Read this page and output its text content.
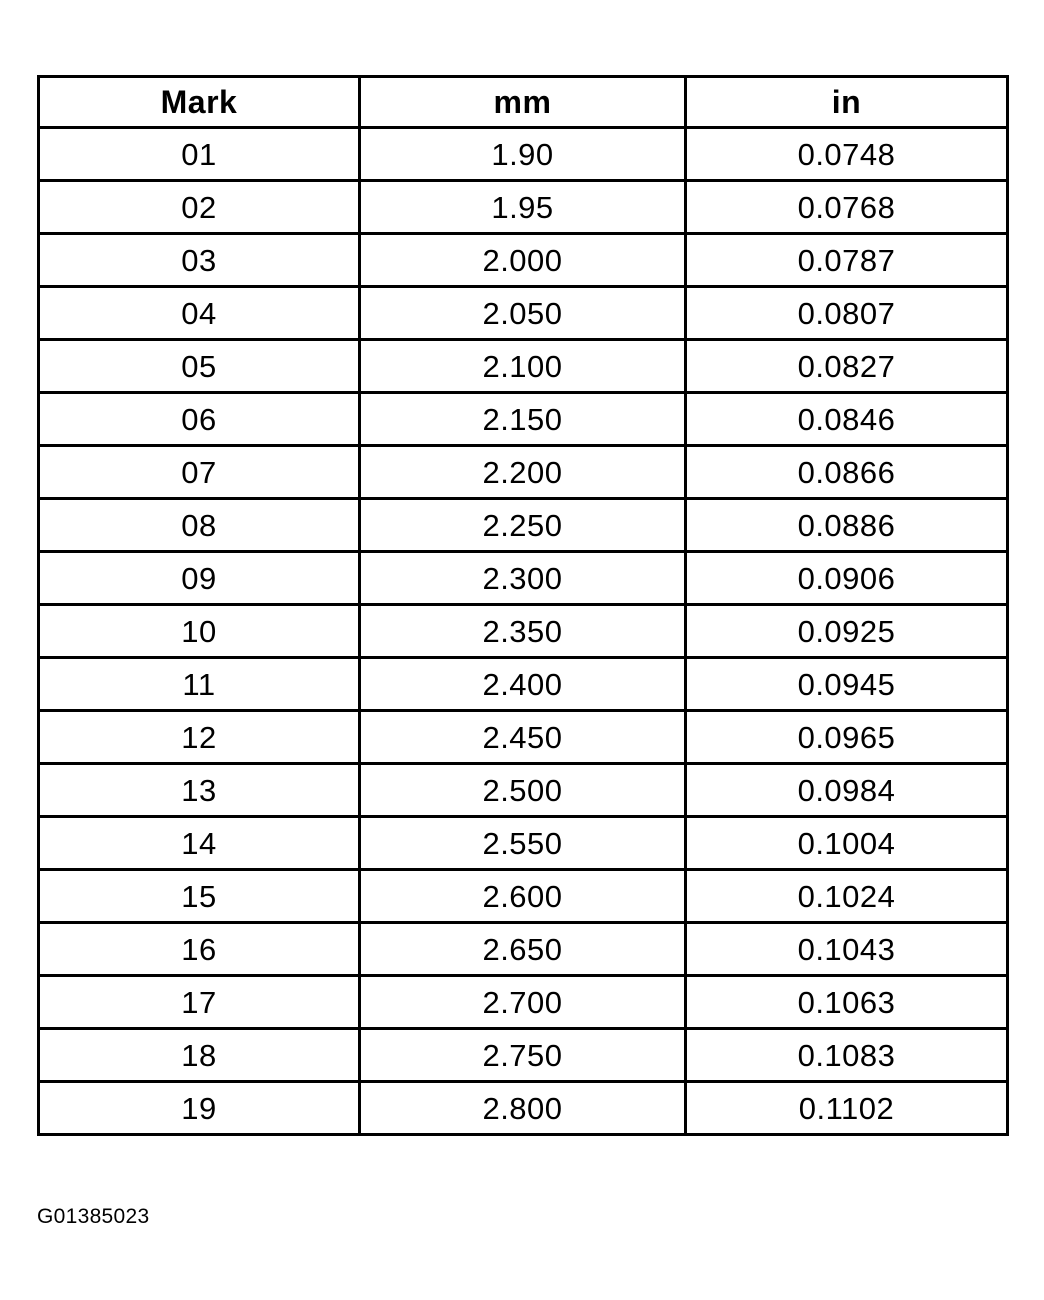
Mark	mm	in
01	1.90	0.0748
02	1.95	0.0768
03	2.000	0.0787
04	2.050	0.0807
05	2.100	0.0827
06	2.150	0.0846
07	2.200	0.0866
08	2.250	0.0886
09	2.300	0.0906
10	2.350	0.0925
11	2.400	0.0945
12	2.450	0.0965
13	2.500	0.0984
14	2.550	0.1004
15	2.600	0.1024
16	2.650	0.1043
17	2.700	0.1063
18	2.750	0.1083
19	2.800	0.1102
G01385023
